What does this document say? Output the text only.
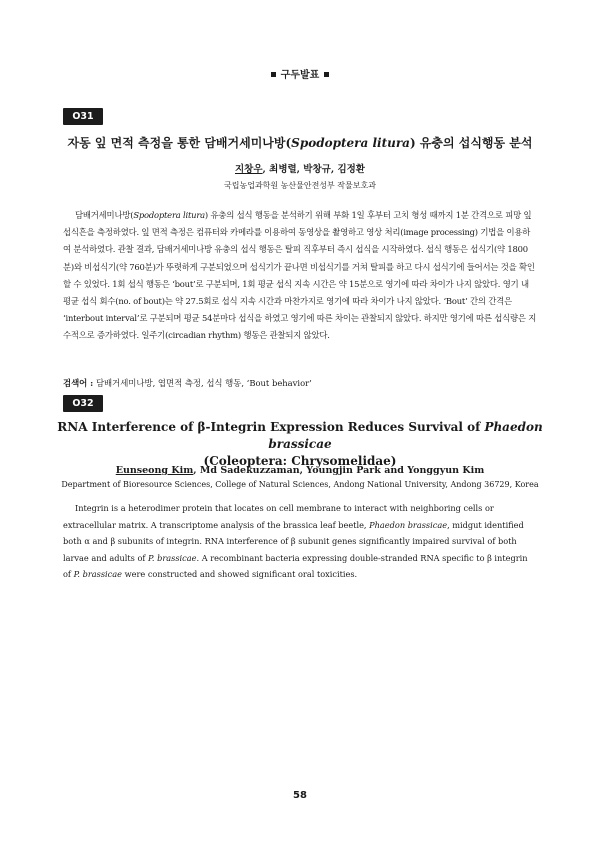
구두발표
O31
자동 잎 면적 측정을 통한 담배거세미나방(Spodoptera litura) 유충의 섭식행동 분석
지창우, 최병렬, 박창규, 김정환
국립농업과학원 농산물안전성부 작물보호과

담배거세미나방(Spodoptera litura) 유충의 섭식 행동을 분석하기 위해 부화 1일 후부터 고치 형성 때까지 1분 간격으로 피망 잎 섭식흔을 측정하였다. 잎 면적 측정은 컴퓨터와 카메라를 이용하여 동영상을 촬영하고 영상 처리(image processing) 기법을 이용하여 분석하였다. 관찰 결과, 담배거세미나방 유충의 섭식 행동은 탈피 직후부터 즉시 섭식을 시작하였다. 섭식 행동은 섭식기(약 1800분)와 비섭식기(약 760분)가 뚜렷하게 구분되었으며 섭식기가 끝나면 비섭식기를 거쳐 탈피를 하고 다시 섭식기에 들어서는 것을 확인할 수 있었다. 1회 섭식 행동은 ‘bout’로 구분되며, 1회 평균 섭식 지속 시간은 약 15분으로 영기에 따라 차이가 나지 않았다. 영기 내 평균 섭식 회수(no. of bout)는 약 27.5회로 섭식 지속 시간과 마찬가지로 영기에 따라 차이가 나지 않았다. ‘Bout’ 간의 간격은 ‘interbout interval’로 구분되며 평균 54분마다 섭식을 하였고 영기에 따른 차이는 관찰되지 않았다. 하지만 영기에 따른 섭식량은 지수적으로 증가하였다. 일주기(circadian rhythm) 행동은 관찰되지 않았다.

검색어 : 담배거세미나방, 엽면적 측정, 섭식 행동, ‘Bout behavior’
O32
RNA Interference of β-Integrin Expression Reduces Survival of Phaedon brassicae
(Coleoptera: Chrysomelidae)
Eunseong Kim, Md Sadekuzzaman, Youngjin Park and Yonggyun Kim
Department of Bioresource Sciences, College of Natural Sciences, Andong National University, Andong 36729, Korea

Integrin is a heterodimer protein that locates on cell membrane to interact with neighboring cells or extracellular matrix. A transcriptome analysis of the brassica leaf beetle, Phaedon brassicae, midgut identified both α and β subunits of integrin. RNA interference of β subunit genes significantly impaired survival of both larvae and adults of P. brassicae. A recombinant bacteria expressing double-stranded RNA specific to β integrin of P. brassicae were constructed and showed significant oral toxicities.

58
